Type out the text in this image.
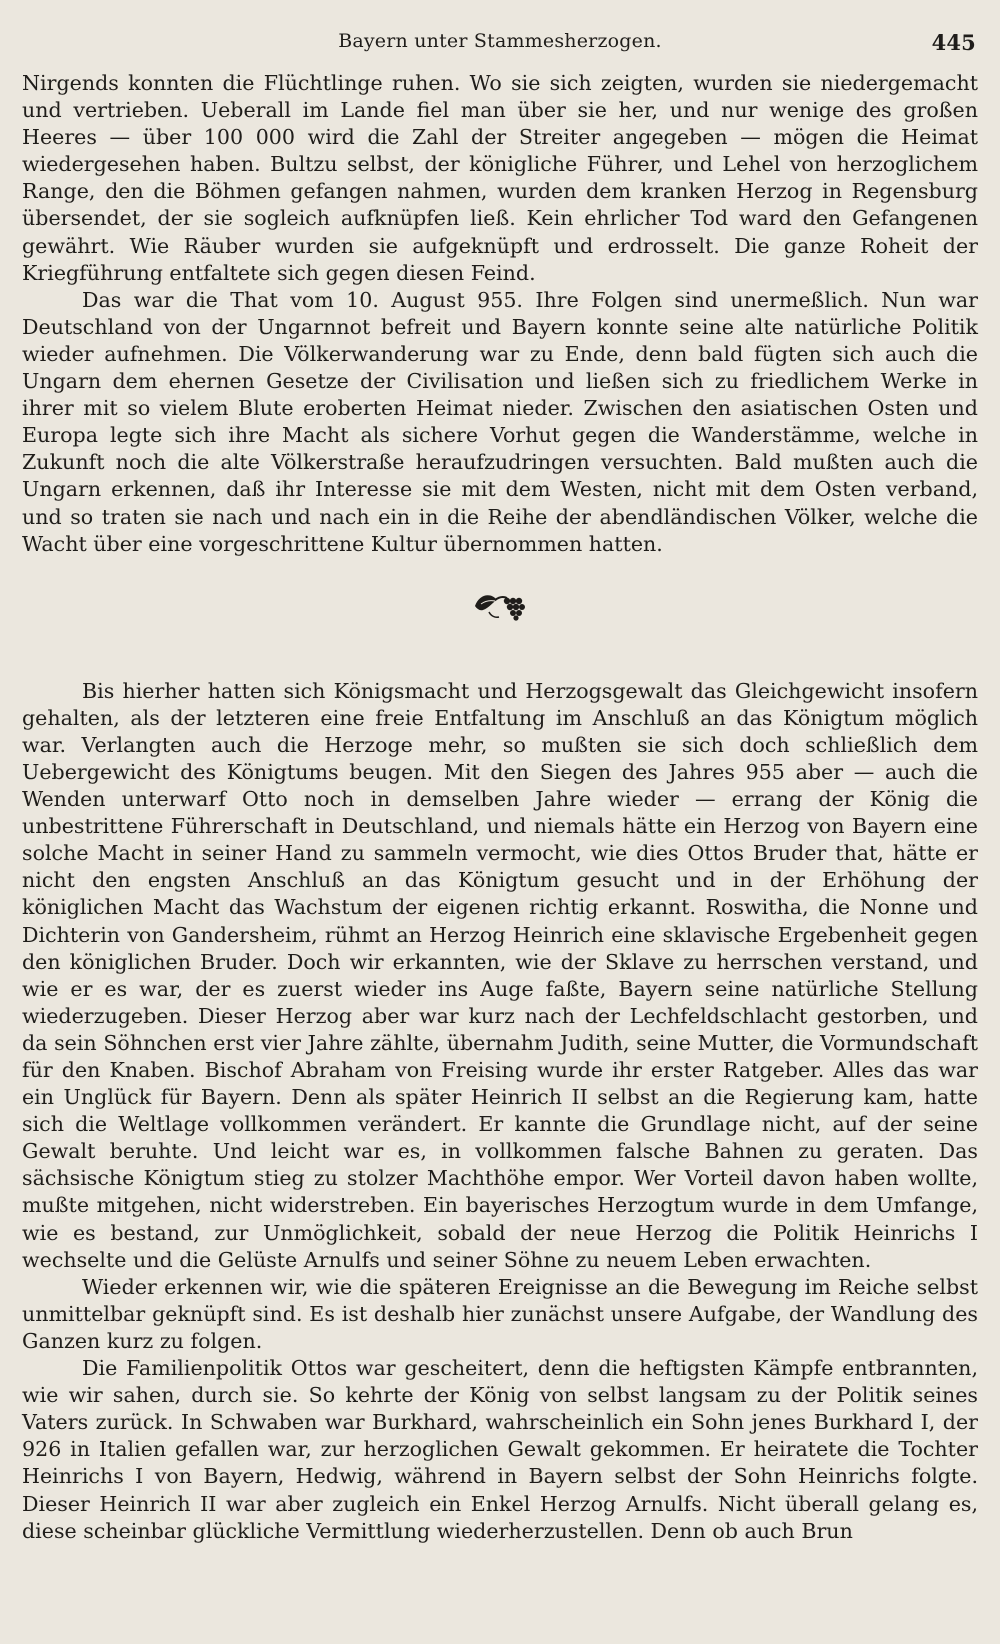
Bayern unter Stammesherzogen.	445

Nirgends konnten die Flüchtlinge ruhen. Wo sie sich zeigten, wurden sie niedergemacht und vertrieben. Ueberall im Lande fiel man über sie her, und nur wenige des großen Heeres — über 100 000 wird die Zahl der Streiter angegeben — mögen die Heimat wiedergesehen haben. Bultzu selbst, der königliche Führer, und Lehel von herzoglichem Range, den die Böhmen gefangen nahmen, wurden dem kranken Herzog in Regensburg übersendet, der sie sogleich aufknüpfen ließ. Kein ehrlicher Tod ward den Gefangenen gewährt. Wie Räuber wurden sie aufgeknüpft und erdrosselt. Die ganze Roheit der Kriegführung entfaltete sich gegen diesen Feind.

Das war die That vom 10. August 955. Ihre Folgen sind unermeßlich. Nun war Deutschland von der Ungarnnot befreit und Bayern konnte seine alte natürliche Politik wieder aufnehmen. Die Völkerwanderung war zu Ende, denn bald fügten sich auch die Ungarn dem ehernen Gesetze der Civilisation und ließen sich zu friedlichem Werke in ihrer mit so vielem Blute eroberten Heimat nieder. Zwischen den asiatischen Osten und Europa legte sich ihre Macht als sichere Vorhut gegen die Wanderstämme, welche in Zukunft noch die alte Völkerstraße heraufzudringen versuchten. Bald mußten auch die Ungarn erkennen, daß ihr Interesse sie mit dem Westen, nicht mit dem Osten verband, und so traten sie nach und nach ein in die Reihe der abendländischen Völker, welche die Wacht über eine vorgeschrittene Kultur übernommen hatten.

Bis hierher hatten sich Königsmacht und Herzogsgewalt das Gleichgewicht insofern gehalten, als der letzteren eine freie Entfaltung im Anschluß an das Königtum möglich war. Verlangten auch die Herzoge mehr, so mußten sie sich doch schließlich dem Uebergewicht des Königtums beugen. Mit den Siegen des Jahres 955 aber — auch die Wenden unterwarf Otto noch in demselben Jahre wieder — errang der König die unbestrittene Führerschaft in Deutschland, und niemals hätte ein Herzog von Bayern eine solche Macht in seiner Hand zu sammeln vermocht, wie dies Ottos Bruder that, hätte er nicht den engsten Anschluß an das Königtum gesucht und in der Erhöhung der königlichen Macht das Wachstum der eigenen richtig erkannt. Roswitha, die Nonne und Dichterin von Gandersheim, rühmt an Herzog Heinrich eine sklavische Ergebenheit gegen den königlichen Bruder. Doch wir erkannten, wie der Sklave zu herrschen verstand, und wie er es war, der es zuerst wieder ins Auge faßte, Bayern seine natürliche Stellung wiederzugeben. Dieser Herzog aber war kurz nach der Lechfeldschlacht gestorben, und da sein Söhnchen erst vier Jahre zählte, übernahm Judith, seine Mutter, die Vormundschaft für den Knaben. Bischof Abraham von Freising wurde ihr erster Ratgeber. Alles das war ein Unglück für Bayern. Denn als später Heinrich II selbst an die Regierung kam, hatte sich die Weltlage vollkommen verändert. Er kannte die Grundlage nicht, auf der seine Gewalt beruhte. Und leicht war es, in vollkommen falsche Bahnen zu geraten. Das sächsische Königtum stieg zu stolzer Machthöhe empor. Wer Vorteil davon haben wollte, mußte mitgehen, nicht widerstreben. Ein bayerisches Herzogtum wurde in dem Umfange, wie es bestand, zur Unmöglichkeit, sobald der neue Herzog die Politik Heinrichs I wechselte und die Gelüste Arnulfs und seiner Söhne zu neuem Leben erwachten.

Wieder erkennen wir, wie die späteren Ereignisse an die Bewegung im Reiche selbst unmittelbar geknüpft sind. Es ist deshalb hier zunächst unsere Aufgabe, der Wandlung des Ganzen kurz zu folgen.

Die Familienpolitik Ottos war gescheitert, denn die heftigsten Kämpfe entbrannten, wie wir sahen, durch sie. So kehrte der König von selbst langsam zu der Politik seines Vaters zurück. In Schwaben war Burkhard, wahrscheinlich ein Sohn jenes Burkhard I, der 926 in Italien gefallen war, zur herzoglichen Gewalt gekommen. Er heiratete die Tochter Heinrichs I von Bayern, Hedwig, während in Bayern selbst der Sohn Heinrichs folgte. Dieser Heinrich II war aber zugleich ein Enkel Herzog Arnulfs. Nicht überall gelang es, diese scheinbar glückliche Vermittlung wiederherzustellen. Denn ob auch Brun
